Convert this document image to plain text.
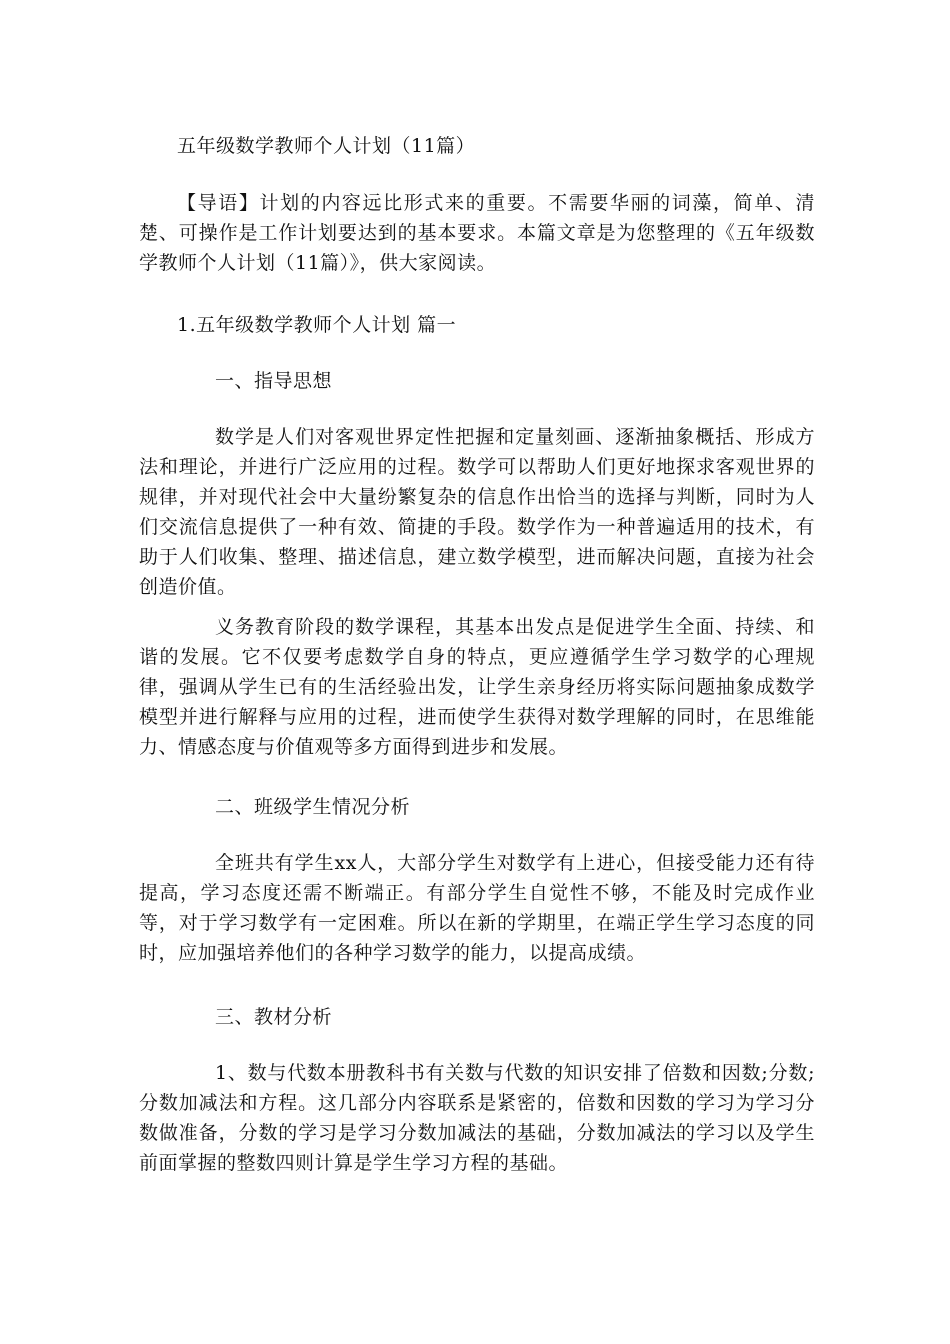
五年级数学教师个人计划（11篇）

【导语】计划的内容远比形式来的重要。不需要华丽的词藻，简单、清楚、可操作是工作计划要达到的基本要求。本篇文章是为您整理的《五年级数学教师个人计划（11篇）》，供大家阅读。

1.五年级数学教师个人计划 篇一

一、指导思想

数学是人们对客观世界定性把握和定量刻画、逐渐抽象概括、形成方法和理论，并进行广泛应用的过程。数学可以帮助人们更好地探求客观世界的规律，并对现代社会中大量纷繁复杂的信息作出恰当的选择与判断，同时为人们交流信息提供了一种有效、简捷的手段。数学作为一种普遍适用的技术，有助于人们收集、整理、描述信息，建立数学模型，进而解决问题，直接为社会创造价值。

义务教育阶段的数学课程，其基本出发点是促进学生全面、持续、和谐的发展。它不仅要考虑数学自身的特点，更应遵循学生学习数学的心理规律，强调从学生已有的生活经验出发，让学生亲身经历将实际问题抽象成数学模型并进行解释与应用的过程，进而使学生获得对数学理解的同时，在思维能力、情感态度与价值观等多方面得到进步和发展。

二、班级学生情况分析

全班共有学生xx人，大部分学生对数学有上进心，但接受能力还有待提高，学习态度还需不断端正。有部分学生自觉性不够，不能及时完成作业等，对于学习数学有一定困难。所以在新的学期里，在端正学生学习态度的同时，应加强培养他们的各种学习数学的能力，以提高成绩。

三、教材分析

1、数与代数本册教科书有关数与代数的知识安排了倍数和因数;分数;分数加减法和方程。这几部分内容联系是紧密的，倍数和因数的学习为学习分数做准备，分数的学习是学习分数加减法的基础，分数加减法的学习以及学生前面掌握的整数四则计算是学生学习方程的基础。
